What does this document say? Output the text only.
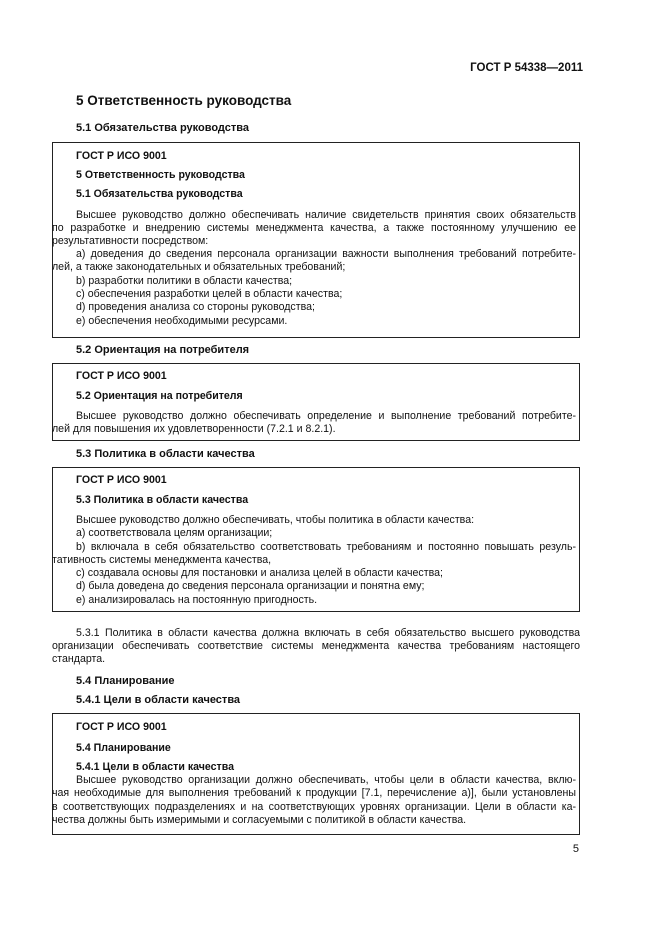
ГОСТ Р 54338—2011
5 Ответственность руководства
5.1 Обязательства руководства
ГОСТ Р ИСО 9001
5 Ответственность руководства
5.1 Обязательства руководства
Высшее руководство должно обеспечивать наличие свидетельств принятия своих обязательств
по разработке и внедрению системы менеджмента качества, а также постоянному улучшению ее
результативности посредством:
а) доведения до сведения персонала организации важности выполнения требований потребите-
лей, а также законодательных и обязательных требований;
b) разработки политики в области качества;
c) обеспечения разработки целей в области качества;
d) проведения анализа со стороны руководства;
e) обеспечения необходимыми ресурсами.
5.2 Ориентация на потребителя
ГОСТ Р ИСО 9001
5.2 Ориентация на потребителя
Высшее руководство должно обеспечивать определение и выполнение требований потребите-
лей для повышения их удовлетворенности (7.2.1 и 8.2.1).
5.3 Политика в области качества
ГОСТ Р ИСО 9001
5.3 Политика в области качества
Высшее руководство должно обеспечивать, чтобы политика в области качества:
а) соответствовала целям организации;
b) включала в себя обязательство соответствовать требованиям и постоянно повышать резуль-
тативность системы менеджмента качества,
c) создавала основы для постановки и анализа целей в области качества;
d) была доведена до сведения персонала организации и понятна ему;
e) анализировалась на постоянную пригодность.
5.3.1 Политика в области качества должна включать в себя обязательство высшего руководства
организации обеспечивать соответствие системы менеджмента качества требованиям настоящего
стандарта.
5.4 Планирование
5.4.1 Цели в области качества
ГОСТ Р ИСО 9001
5.4 Планирование
5.4.1 Цели в области качества
Высшее руководство организации должно обеспечивать, чтобы цели в области качества, вклю-
чая необходимые для выполнения требований к продукции [7.1, перечисление а)], были установлены
в соответствующих подразделениях и на соответствующих уровнях организации. Цели в области ка-
чества должны быть измеримыми и согласуемыми с политикой в области качества.
5
